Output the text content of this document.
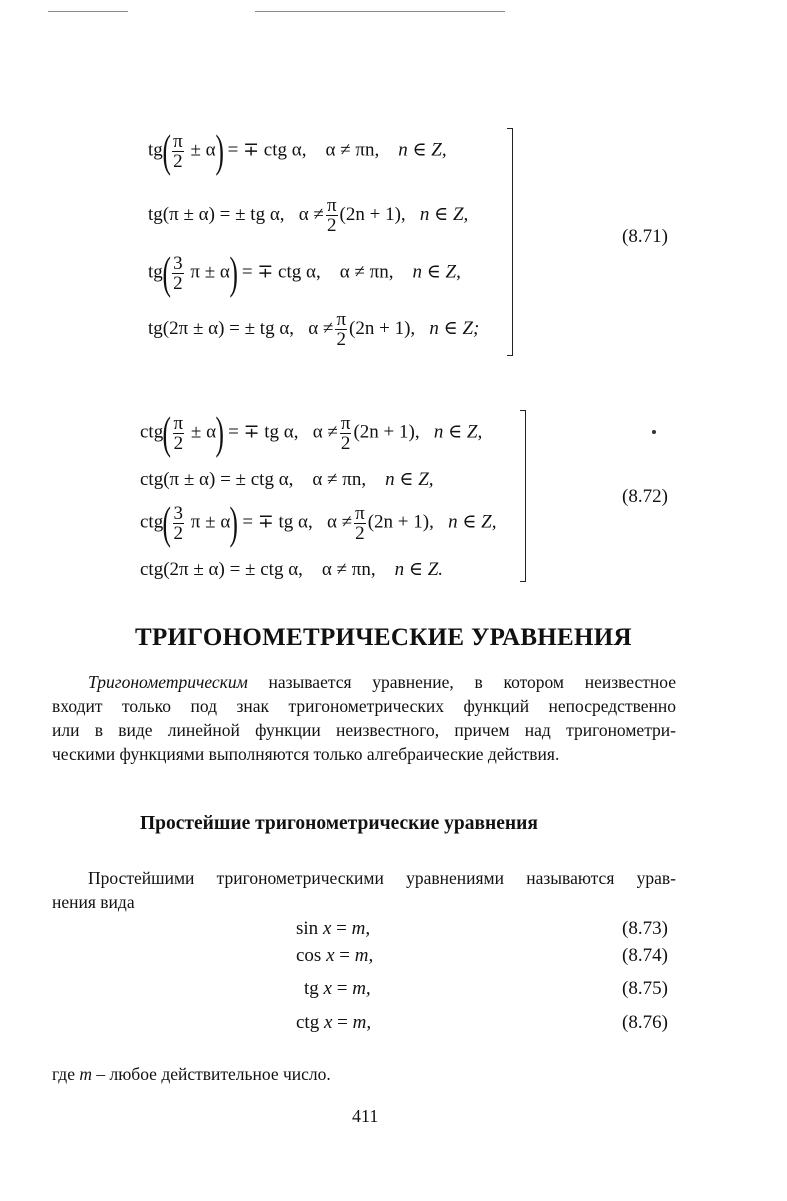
$tg( \frac{\pi}{2} \pm \alpha)$ = ∓ ctg α, α ≠ πn, n ∈ Z,
tg(π ± α) = ± tg α, $\alpha \ne \frac{\pi}{2} (2n + 1)$, n ∈ Z,
$tg( \frac{3}{2}$ π ± α) = ∓ ctg α, α ≠ πn, n ∈ Z,
tg(2π ± α) = ± tg α, $\alpha \ne \frac{\pi}{2} (2n + 1)$, n ∈ Z;
(8.71)
$ctg( \frac{\pi}{2} \pm \alpha)$ = ∓ tg α, $\alpha \ne \frac{\pi}{2} (2n + 1)$, n ∈ Z,
ctg(π ± α) = ± ctg α, α ≠ πn, n ∈ Z,
$ctg( \frac{3}{2}$ π ± α) = ∓ tg α, $\alpha \ne \frac{\pi}{2} (2n + 1)$, n ∈ Z,
ctg(2π ± α) = ± ctg α, α ≠ πn, n ∈ Z.
(8.72)
ТРИГОНОМЕТРИЧЕСКИЕ УРАВНЕНИЯ
Тригонометрическим называется уравнение, в котором неизвестное
входит только под знак тригонометрических функций непосредственно
или в виде линейной функции неизвестного, причем над тригонометри-
ческими функциями выполняются только алгебраические действия.
Простейшие тригонометрические уравнения
Простейшими тригонометрическими уравнениями называются урав-
нения вида
sin x = m,	(8.73)
cos x = m,	(8.74)
tg x = m,	(8.75)
ctg x = m,	(8.76)
где m – любое действительное число.
411
